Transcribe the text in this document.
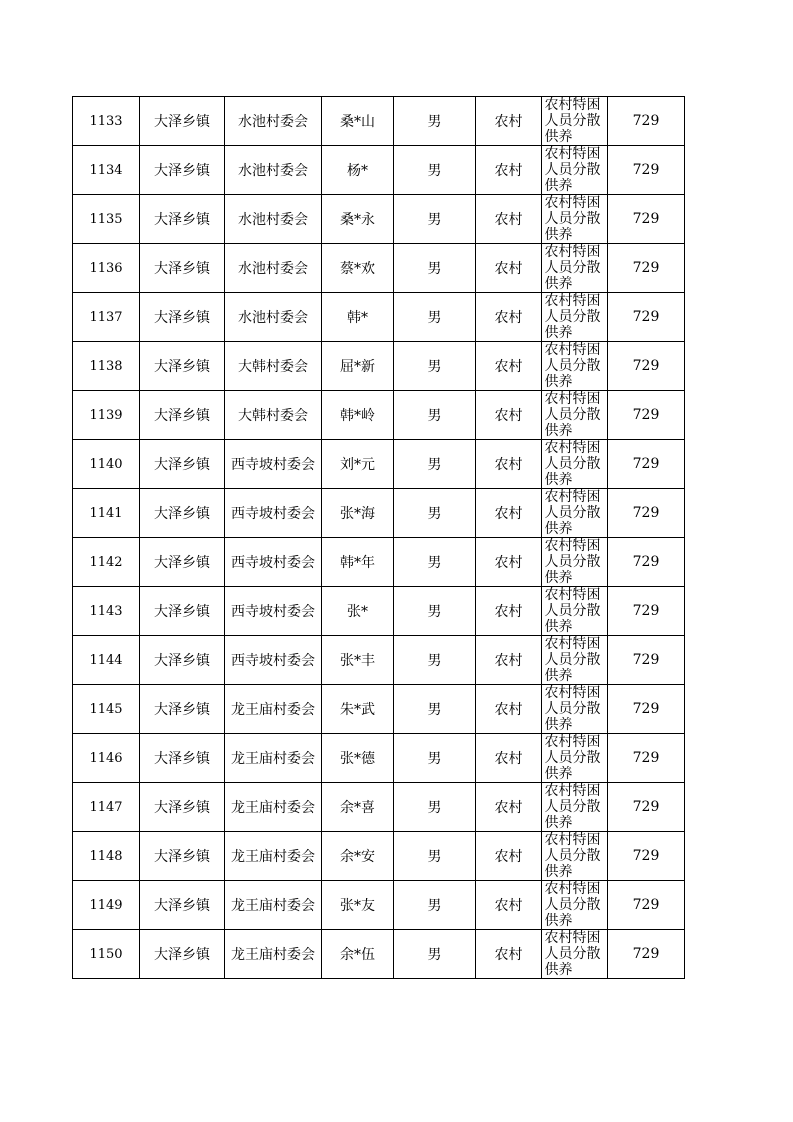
1133	大泽乡镇	水池村委会	桑*山	男	农村	农村特困人员分散供养	729
1134	大泽乡镇	水池村委会	杨*	男	农村	农村特困人员分散供养	729
1135	大泽乡镇	水池村委会	桑*永	男	农村	农村特困人员分散供养	729
1136	大泽乡镇	水池村委会	蔡*欢	男	农村	农村特困人员分散供养	729
1137	大泽乡镇	水池村委会	韩*	男	农村	农村特困人员分散供养	729
1138	大泽乡镇	大韩村委会	屈*新	男	农村	农村特困人员分散供养	729
1139	大泽乡镇	大韩村委会	韩*岭	男	农村	农村特困人员分散供养	729
1140	大泽乡镇	西寺坡村委会	刘*元	男	农村	农村特困人员分散供养	729
1141	大泽乡镇	西寺坡村委会	张*海	男	农村	农村特困人员分散供养	729
1142	大泽乡镇	西寺坡村委会	韩*年	男	农村	农村特困人员分散供养	729
1143	大泽乡镇	西寺坡村委会	张*	男	农村	农村特困人员分散供养	729
1144	大泽乡镇	西寺坡村委会	张*丰	男	农村	农村特困人员分散供养	729
1145	大泽乡镇	龙王庙村委会	朱*武	男	农村	农村特困人员分散供养	729
1146	大泽乡镇	龙王庙村委会	张*德	男	农村	农村特困人员分散供养	729
1147	大泽乡镇	龙王庙村委会	余*喜	男	农村	农村特困人员分散供养	729
1148	大泽乡镇	龙王庙村委会	余*安	男	农村	农村特困人员分散供养	729
1149	大泽乡镇	龙王庙村委会	张*友	男	农村	农村特困人员分散供养	729
1150	大泽乡镇	龙王庙村委会	余*伍	男	农村	农村特困人员分散供养	729
